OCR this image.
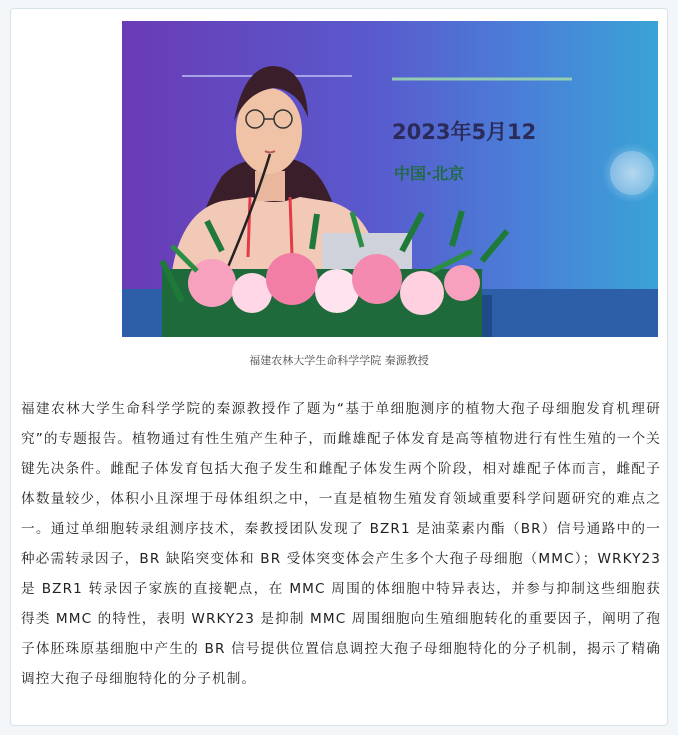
2023年5月12
中国·北京
福建农林大学生命科学学院 秦源教授

福建农林大学生命科学学院的秦源教授作了题为“基于单细胞测序的植物大孢子母细胞发育机理研究”的专题报告。植物通过有性生殖产生种子，而雌雄配子体发育是高等植物进行有性生殖的一个关键先决条件。雌配子体发育包括大孢子发生和雌配子体发生两个阶段，相对雄配子体而言，雌配子体数量较少，体积小且深埋于母体组织之中，一直是植物生殖发育领域重要科学问题研究的难点之一。通过单细胞转录组测序技术，秦教授团队发现了 BZR1 是油菜素内酯（BR）信号通路中的一种必需转录因子，BR 缺陷突变体和 BR 受体突变体会产生多个大孢子母细胞（MMC）；WRKY23 是 BZR1 转录因子家族的直接靶点，在 MMC 周围的体细胞中特异表达，并参与抑制这些细胞获得类 MMC 的特性，表明 WRKY23 是抑制 MMC 周围细胞向生殖细胞转化的重要因子，阐明了孢子体胚珠原基细胞中产生的 BR 信号提供位置信息调控大孢子母细胞特化的分子机制，揭示了精确调控大孢子母细胞特化的分子机制。
